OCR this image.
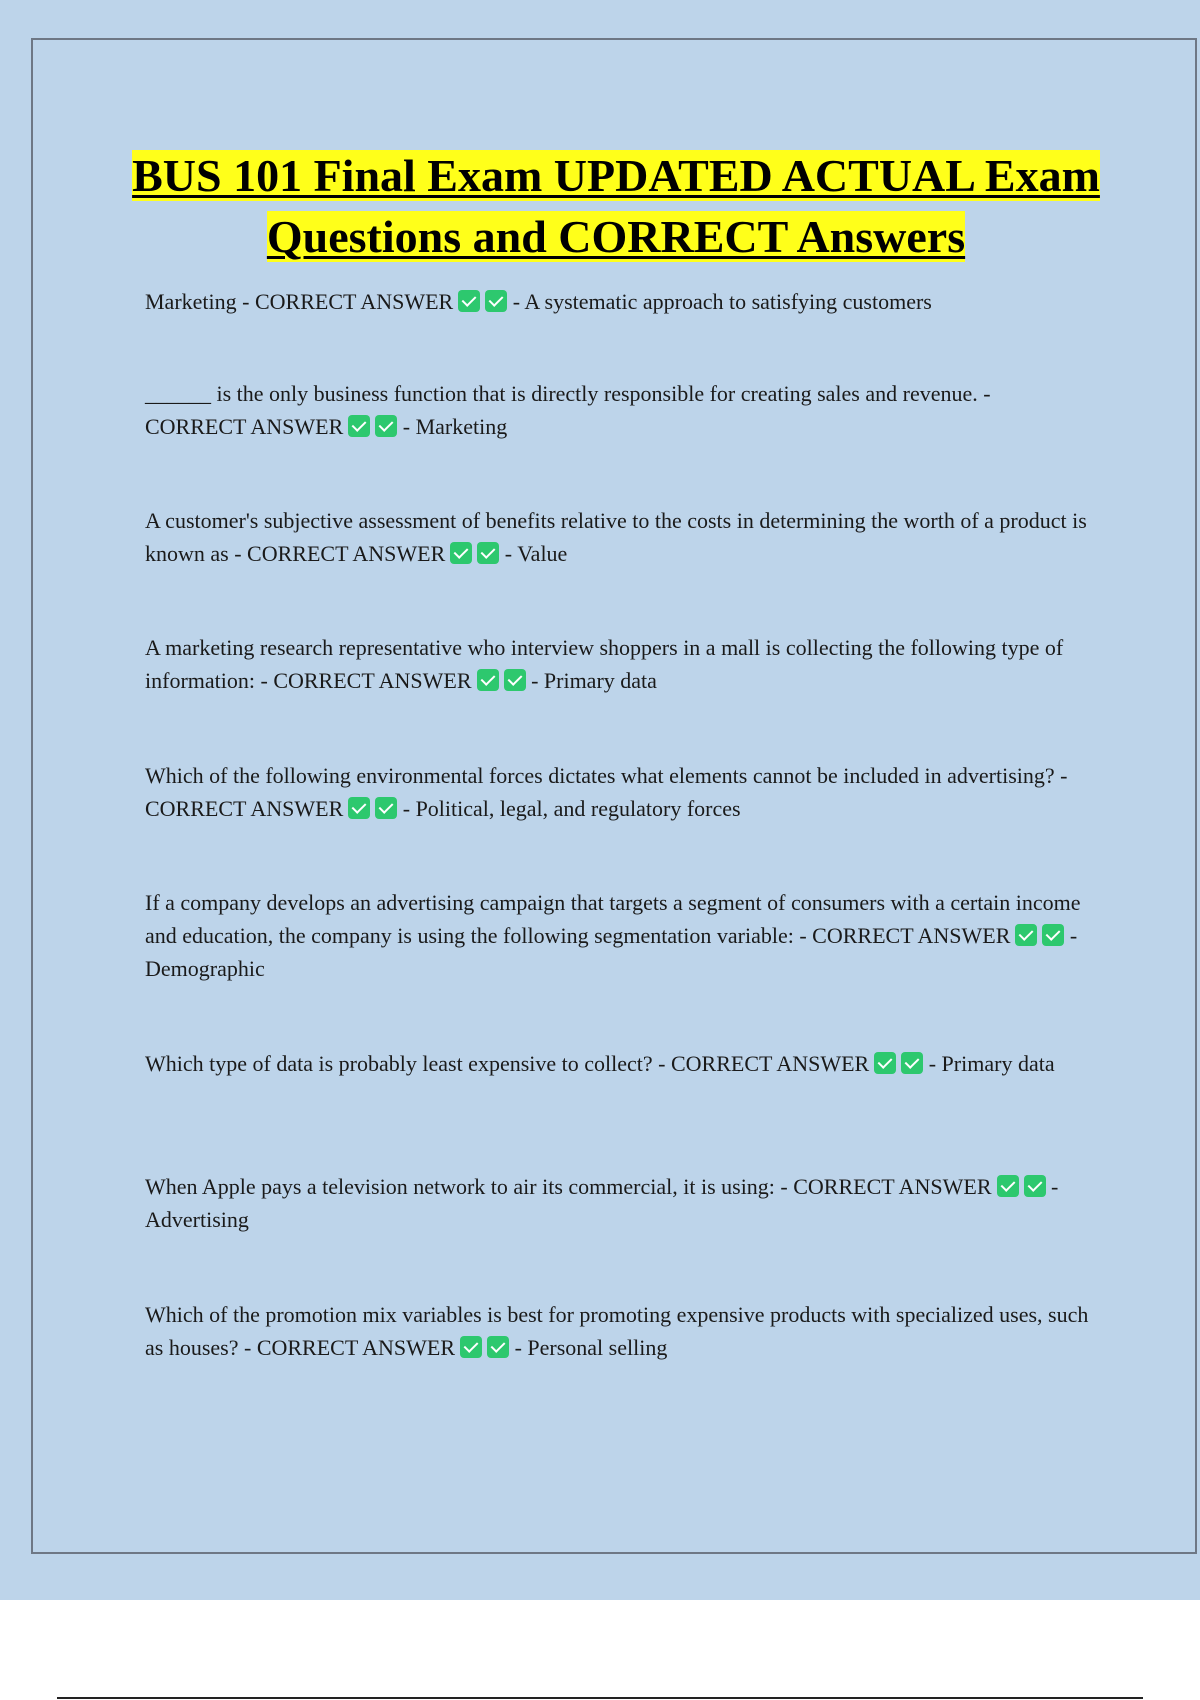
BUS 101 Final Exam UPDATED ACTUAL Exam Questions and CORRECT Answers

Marketing - CORRECT ANSWER - A systematic approach to satisfying customers

______ is the only business function that is directly responsible for creating sales and revenue. - CORRECT ANSWER - Marketing

A customer's subjective assessment of benefits relative to the costs in determining the worth of a product is known as - CORRECT ANSWER - Value

A marketing research representative who interview shoppers in a mall is collecting the following type of information: - CORRECT ANSWER - Primary data

Which of the following environmental forces dictates what elements cannot be included in advertising? - CORRECT ANSWER - Political, legal, and regulatory forces

If a company develops an advertising campaign that targets a segment of consumers with a certain income and education, the company is using the following segmentation variable: - CORRECT ANSWER - Demographic

Which type of data is probably least expensive to collect? - CORRECT ANSWER - Primary data

When Apple pays a television network to air its commercial, it is using: - CORRECT ANSWER - Advertising

Which of the promotion mix variables is best for promoting expensive products with specialized uses, such as houses? - CORRECT ANSWER - Personal selling
